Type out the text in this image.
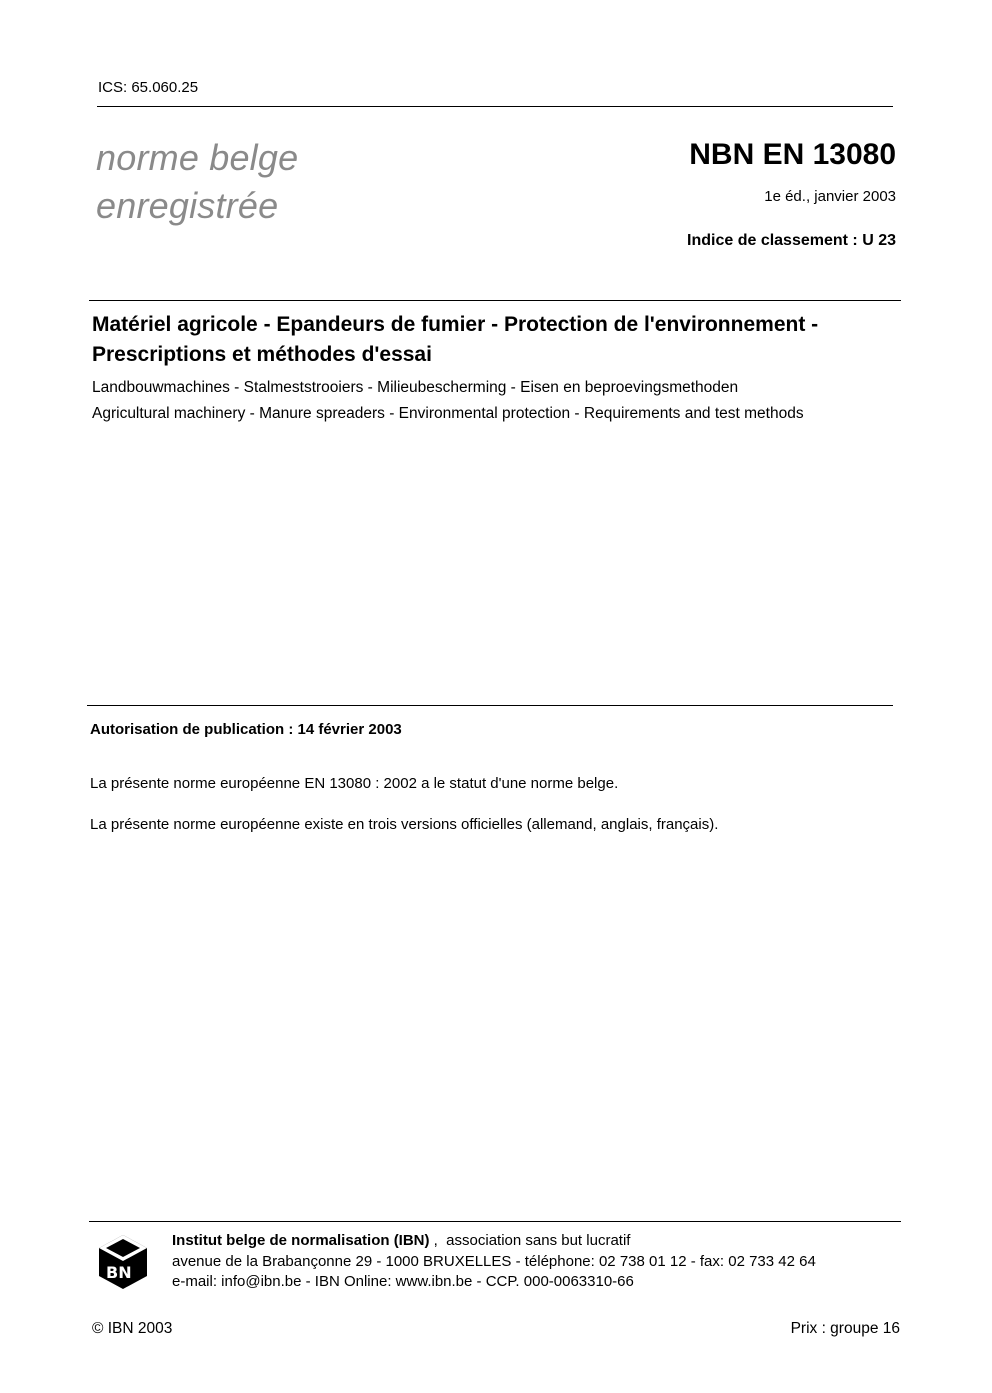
ICS: 65.060.25
norme belge
enregistrée
NBN EN 13080
1e éd., janvier 2003
Indice de classement : U 23
Matériel agricole - Epandeurs de fumier - Protection de l'environnement -
Prescriptions et méthodes d'essai
Landbouwmachines - Stalmeststrooiers - Milieubescherming - Eisen en beproevingsmethoden
Agricultural machinery - Manure spreaders - Environmental protection - Requirements and test methods
Autorisation de publication : 14 février 2003
La présente norme européenne EN 13080 : 2002 a le statut d'une norme belge.
La présente norme européenne existe en trois versions officielles (allemand, anglais, français).
BN
Institut belge de normalisation (IBN) ,  association sans but lucratif
avenue de la Brabançonne 29 - 1000 BRUXELLES - téléphone: 02 738 01 12 - fax: 02 733 42 64
e-mail: info@ibn.be - IBN Online: www.ibn.be - CCP. 000-0063310-66
© IBN 2003	Prix : groupe 16
